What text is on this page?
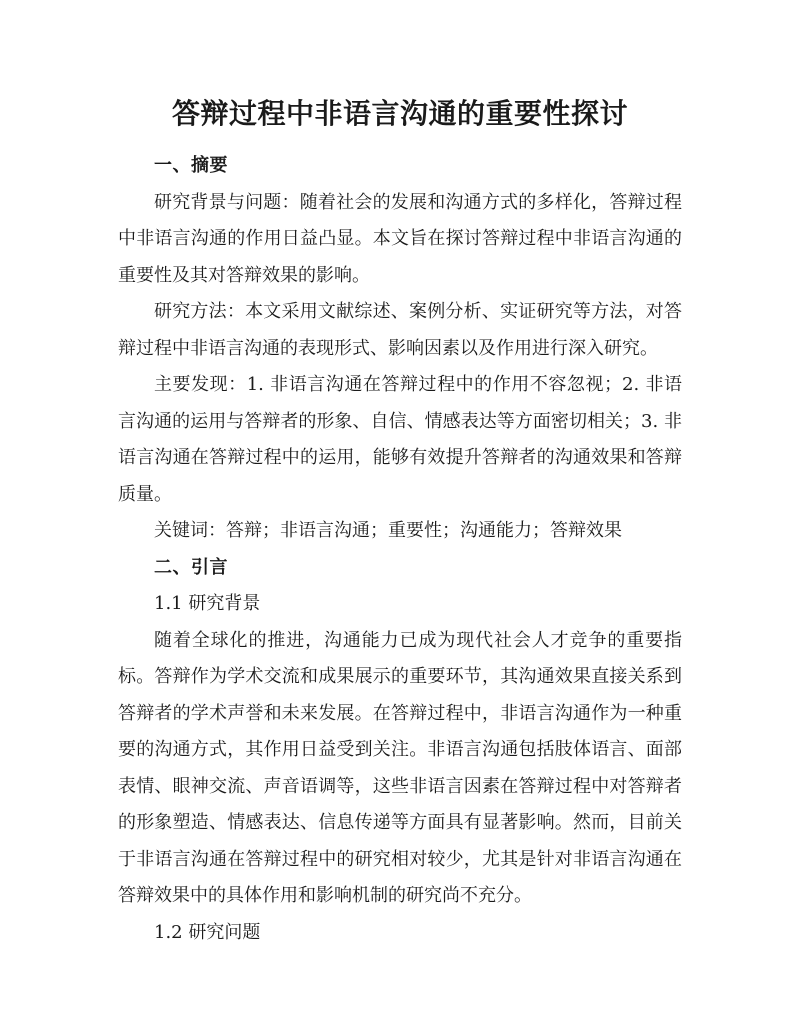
答辩过程中非语言沟通的重要性探讨

一、摘要

研究背景与问题：随着社会的发展和沟通方式的多样化，答辩过程中非语言沟通的作用日益凸显。本文旨在探讨答辩过程中非语言沟通的重要性及其对答辩效果的影响。

研究方法：本文采用文献综述、案例分析、实证研究等方法，对答辩过程中非语言沟通的表现形式、影响因素以及作用进行深入研究。

主要发现：1. 非语言沟通在答辩过程中的作用不容忽视；2. 非语言沟通的运用与答辩者的形象、自信、情感表达等方面密切相关；3. 非语言沟通在答辩过程中的运用，能够有效提升答辩者的沟通效果和答辩质量。

关键词：答辩；非语言沟通；重要性；沟通能力；答辩效果

二、引言

1.1 研究背景

随着全球化的推进，沟通能力已成为现代社会人才竞争的重要指标。答辩作为学术交流和成果展示的重要环节，其沟通效果直接关系到答辩者的学术声誉和未来发展。在答辩过程中，非语言沟通作为一种重要的沟通方式，其作用日益受到关注。非语言沟通包括肢体语言、面部表情、眼神交流、声音语调等，这些非语言因素在答辩过程中对答辩者的形象塑造、情感表达、信息传递等方面具有显著影响。然而，目前关于非语言沟通在答辩过程中的研究相对较少，尤其是针对非语言沟通在答辩效果中的具体作用和影响机制的研究尚不充分。

1.2 研究问题
